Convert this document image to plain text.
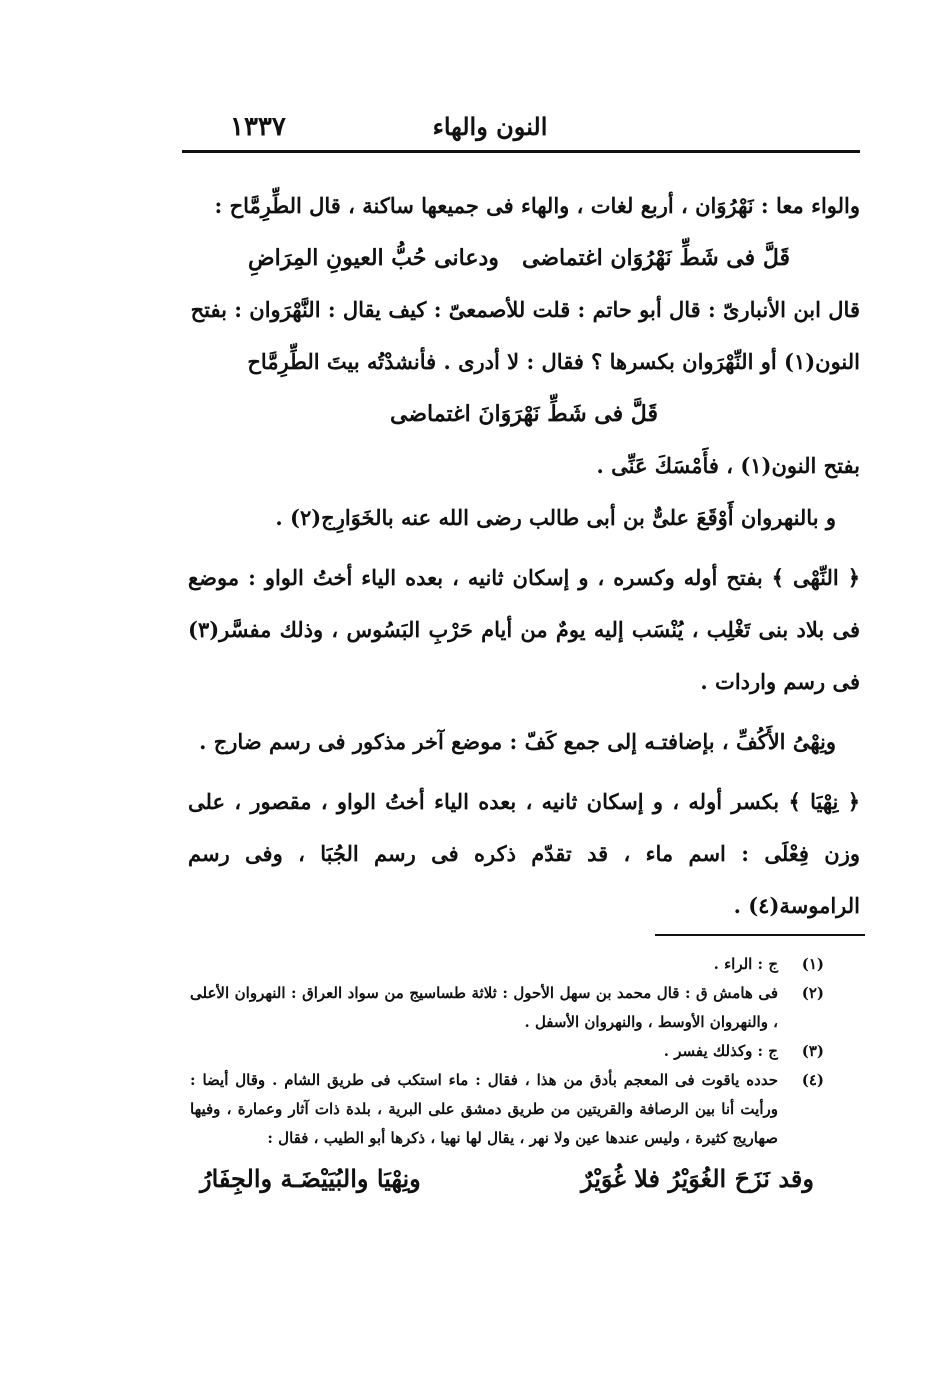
النون والهاء
١٣٣٧

والواء معا : نَهْرُوَان ، أربع لغات ، والهاء فى جميعها ساكنة ، قال الطِّرِمَّاح :

قَلَّ فى شَطِّ نَهْرُوَان اغتماضى
ودعانى حُبُّ العيونِ المِرَاضِ

قال ابن الأنبارىّ : قال أبو حاتم : قلت للأصمعىّ : كيف يقال : النَّهْرَوان : بفتح

النون(١) أو النِّهْرَوان بكسرها ؟ فقال : لا أدرى . فأنشدْتُه بيتَ الطِّرِمَّاح

قَلَّ فى شَطِّ نَهْرَوَانَ اغتماضى

بفتح النون(١) ، فأَمْسَكَ عَنِّى .

و بالنهروان أَوْقَعَ علىٌّ بن أبى طالب رضى الله عنه بالخَوَارِج(٢) .

﴿ النِّهْى ﴾ بفتح أوله وكسره ، و إسكان ثانيه ، بعده الياء أختُ الواو : موضع فى بلاد بنى تَغْلِب ، يُنْسَب إليه يومٌ من أيام حَرْبِ البَسُوس ، وذلك مفسَّر(٣) فى رسم واردات .

ونِهْىُ الأَكُفِّ ، بإضافتـه إلى جمع كَفّ : موضع آخر مذكور فى رسم ضارج .

﴿ نِهْيَا ﴾ بكسر أوله ، و إسكان ثانيه ، بعده الياء أختُ الواو ، مقصور ، على وزن فِعْلَى : اسم ماء ، قد تقدّم ذكره فى رسم الجُبَا ، وفى رسم الراموسة(٤) .

(١)
ج : الراء .
(٢)
فى هامش ق : قال محمد بن سهل الأحول : ثلاثة طساسيج من سواد العراق : النهروان الأعلى ، والنهروان الأوسط ، والنهروان الأسفل .
(٣)
ج : وكذلك يفسر .
(٤)
حدده ياقوت فى المعجم بأدق من هذا ، فقال : ماء استكب فى طريق الشام . وقال أيضا : ورأيت أنا بين الرصافة والقريتين من طريق دمشق على البرية ، بلدة ذات آثار وعمارة ، وفيها صهاريج كثيرة ، وليس عندها عين ولا نهر ، يقال لها نهيا ، ذكرها أبو الطيب ، فقال :
وقد نَزَحَ الغُوَيْرُ فلا غُوَيْرٌ
ونِهْيَا والبُيَيْضَـة والجِفَارُ
